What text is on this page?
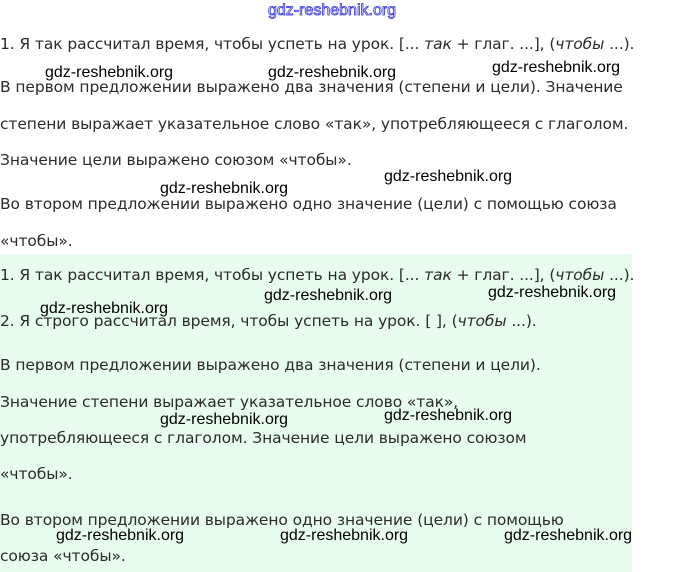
1. Я так рассчитал время, чтобы успеть на урок. [... так + глаг. ...], (чтобы ...).
В первом предложении выражено два значения (степени и цели). Значение
степени выражает указательное слово «так», употребляющееся с глаголом.
Значение цели выражено союзом «чтобы».
Во втором предложении выражено одно значение (цели) с помощью союза
«чтобы».
1. Я так рассчитал время, чтобы успеть на урок. [... так + глаг. ...], (чтобы ...).
2. Я строго рассчитал время, чтобы успеть на урок. [ ], (чтобы ...).
В первом предложении выражено два значения (степени и цели).
Значение степени выражает указательное слово «так»,
употребляющееся с глаголом. Значение цели выражено союзом
«чтобы».
Во втором предложении выражено одно значение (цели) с помощью
союза «чтобы».
gdz-reshebnik.org
gdz-reshebnik.org	gdz-reshebnik.org	gdz-reshebnik.org
gdz-reshebnik.org
gdz-reshebnik.org
gdz-reshebnik.org	gdz-reshebnik.org
gdz-reshebnik.org
gdz-reshebnik.org	gdz-reshebnik.org
gdz-reshebnik.org	gdz-reshebnik.org	gdz-reshebnik.org
